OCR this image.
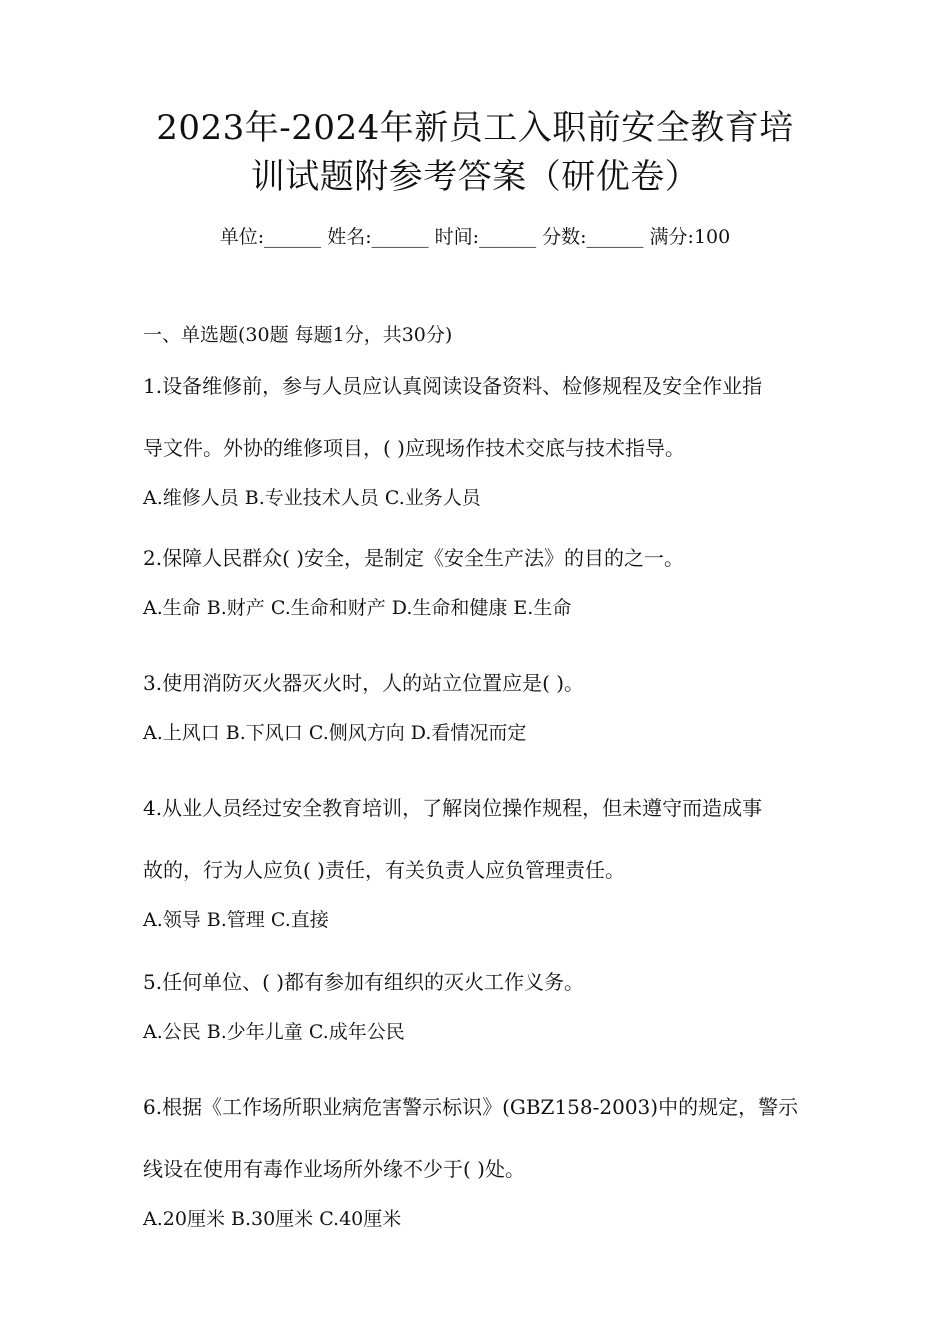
2023年-2024年新员工入职前安全教育培
训试题附参考答案（研优卷）
单位:______ 姓名:______ 时间:______ 分数:______ 满分:100
一、单选题(30题 每题1分，共30分)
1.设备维修前，参与人员应认真阅读设备资料、检修规程及安全作业指
导文件。外协的维修项目，( )应现场作技术交底与技术指导。
A.维修人员 B.专业技术人员 C.业务人员
2.保障人民群众( )安全，是制定《安全生产法》的目的之一。
A.生命 B.财产 C.生命和财产 D.生命和健康 E.生命
3.使用消防灭火器灭火时，人的站立位置应是( )。
A.上风口 B.下风口 C.侧风方向 D.看情况而定
4.从业人员经过安全教育培训，了解岗位操作规程，但未遵守而造成事
故的，行为人应负( )责任，有关负责人应负管理责任。
A.领导 B.管理 C.直接
5.任何单位、( )都有参加有组织的灭火工作义务。
A.公民 B.少年儿童 C.成年公民
6.根据《工作场所职业病危害警示标识》(GBZ158-2003)中的规定，警示
线设在使用有毒作业场所外缘不少于( )处。
A.20厘米 B.30厘米 C.40厘米
